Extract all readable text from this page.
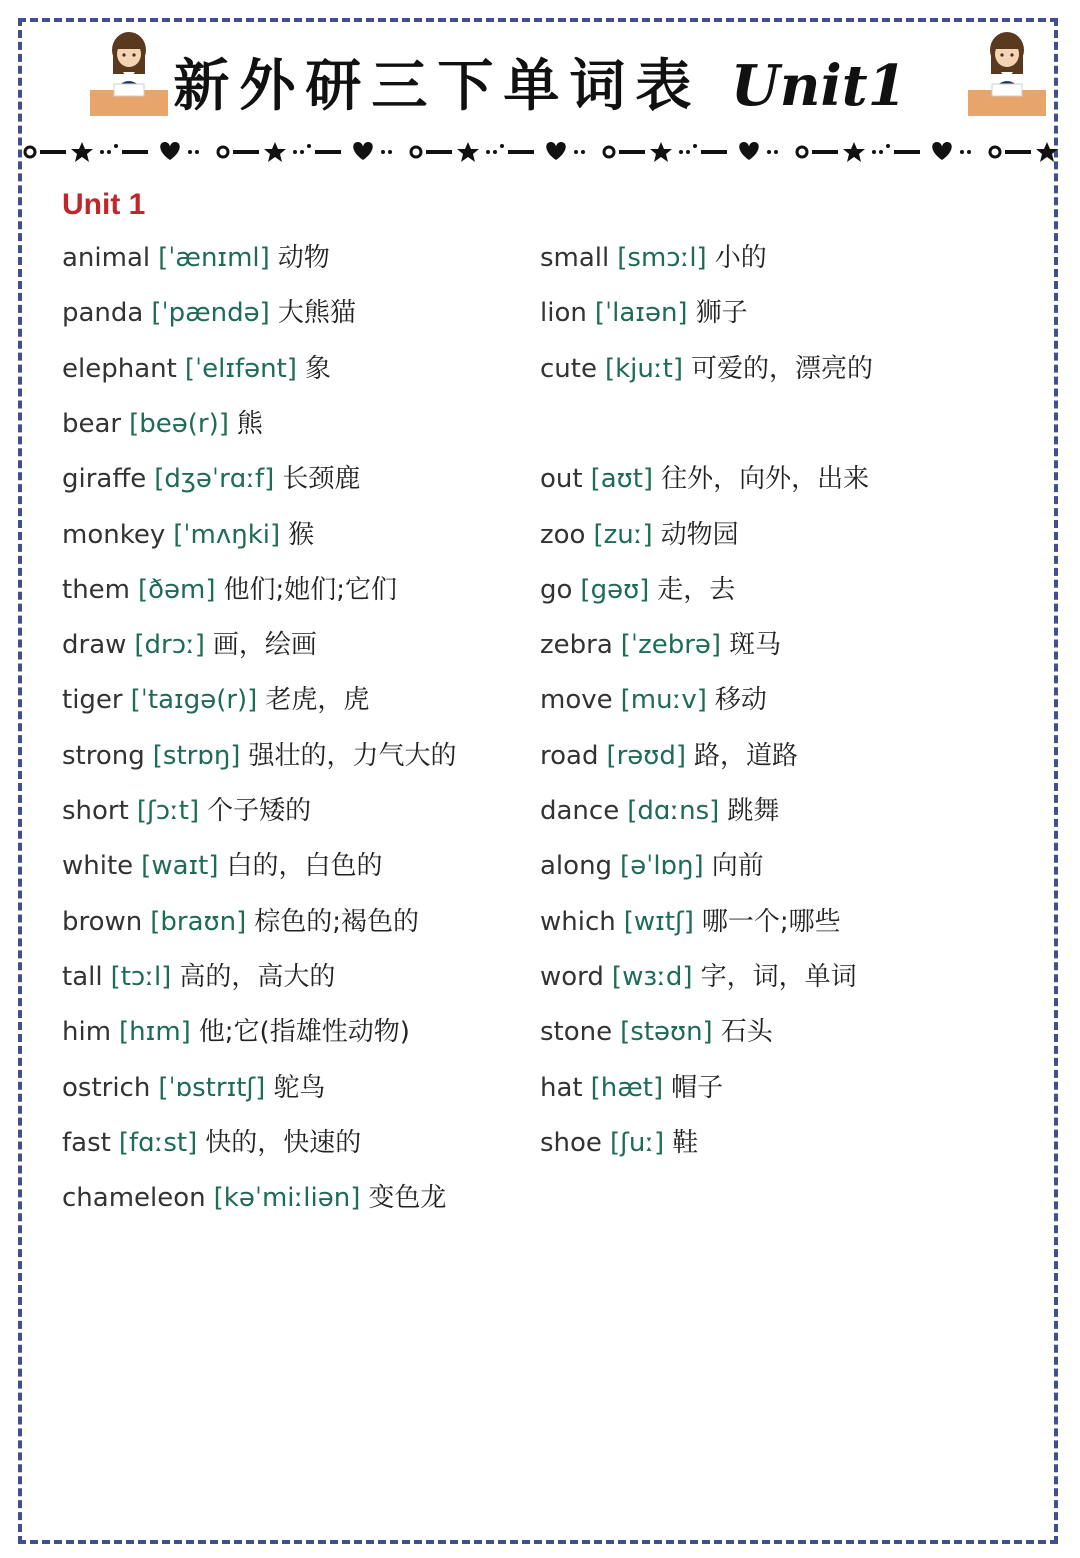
新外研三下单词表 Unit1
Unit 1
animal [ˈænɪml] 动物
panda [ˈpændə] 大熊猫
elephant [ˈelɪfənt] 象
bear [beə(r)] 熊
giraffe [dʒəˈrɑːf] 长颈鹿
monkey [ˈmʌŋki] 猴
them [ðəm] 他们;她们;它们
draw [drɔː] 画，绘画
tiger [ˈtaɪgə(r)] 老虎，虎
strong [strɒŋ] 强壮的，力气大的
short [ʃɔːt] 个子矮的
white [waɪt] 白的，白色的
brown [braʊn] 棕色的;褐色的
tall [tɔːl] 高的，高大的
him [hɪm] 他;它(指雄性动物)
ostrich [ˈɒstrɪtʃ] 鸵鸟
fast [fɑːst] 快的，快速的
chameleon [kəˈmiːliən] 变色龙
small [smɔːl] 小的
lion [ˈlaɪən] 狮子
cute [kjuːt] 可爱的，漂亮的
out [aʊt] 往外，向外，出来
zoo [zuː] 动物园
go [gəʊ] 走，去
zebra [ˈzebrə] 斑马
move [muːv] 移动
road [rəʊd] 路，道路
dance [dɑːns] 跳舞
along [əˈlɒŋ] 向前
which [wɪtʃ] 哪一个;哪些
word [wɜːd] 字，词，单词
stone [stəʊn] 石头
hat [hæt] 帽子
shoe [ʃuː] 鞋
